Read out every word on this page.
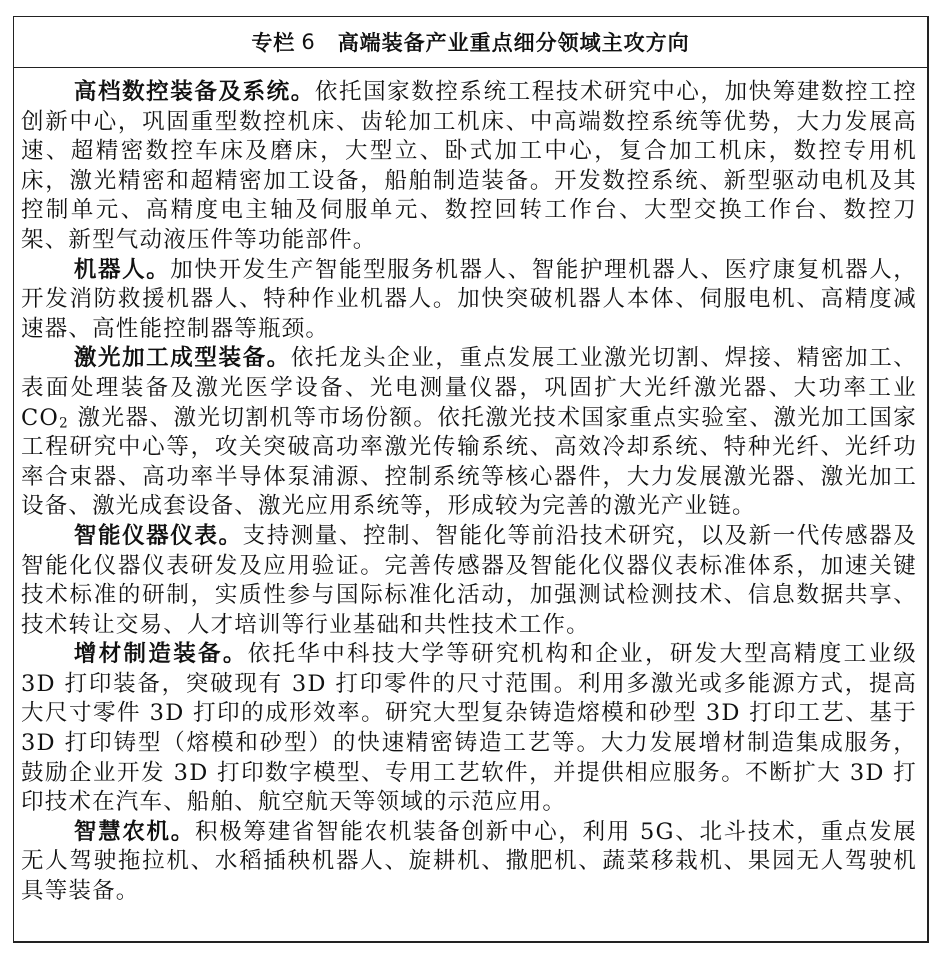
专栏 6 高端装备产业重点细分领域主攻方向

高档数控装备及系统。依托国家数控系统工程技术研究中心，加快筹建数控工控创新中心，巩固重型数控机床、齿轮加工机床、中高端数控系统等优势，大力发展高速、超精密数控车床及磨床，大型立、卧式加工中心，复合加工机床，数控专用机床，激光精密和超精密加工设备，船舶制造装备。开发数控系统、新型驱动电机及其控制单元、高精度电主轴及伺服单元、数控回转工作台、大型交换工作台、数控刀架、新型气动液压件等功能部件。

机器人。加快开发生产智能型服务机器人、智能护理机器人、医疗康复机器人，开发消防救援机器人、特种作业机器人。加快突破机器人本体、伺服电机、高精度减速器、高性能控制器等瓶颈。

激光加工成型装备。依托龙头企业，重点发展工业激光切割、焊接、精密加工、表面处理装备及激光医学设备、光电测量仪器，巩固扩大光纤激光器、大功率工业 $CO_2$ 激光器、激光切割机等市场份额。依托激光技术国家重点实验室、激光加工国家工程研究中心等，攻关突破高功率激光传输系统、高效冷却系统、特种光纤、光纤功率合束器、高功率半导体泵浦源、控制系统等核心器件，大力发展激光器、激光加工设备、激光成套设备、激光应用系统等，形成较为完善的激光产业链。

智能仪器仪表。支持测量、控制、智能化等前沿技术研究，以及新一代传感器及智能化仪器仪表研发及应用验证。完善传感器及智能化仪器仪表标准体系，加速关键技术标准的研制，实质性参与国际标准化活动，加强测试检测技术、信息数据共享、技术转让交易、人才培训等行业基础和共性技术工作。

增材制造装备。依托华中科技大学等研究机构和企业，研发大型高精度工业级 3D 打印装备，突破现有 3D 打印零件的尺寸范围。利用多激光或多能源方式，提高大尺寸零件 3D 打印的成形效率。研究大型复杂铸造熔模和砂型 3D 打印工艺、基于 3D 打印铸型（熔模和砂型）的快速精密铸造工艺等。大力发展增材制造集成服务，鼓励企业开发 3D 打印数字模型、专用工艺软件，并提供相应服务。不断扩大 3D 打印技术在汽车、船舶、航空航天等领域的示范应用。

智慧农机。积极筹建省智能农机装备创新中心，利用 5G、北斗技术，重点发展无人驾驶拖拉机、水稻插秧机器人、旋耕机、撒肥机、蔬菜移栽机、果园无人驾驶机具等装备。
